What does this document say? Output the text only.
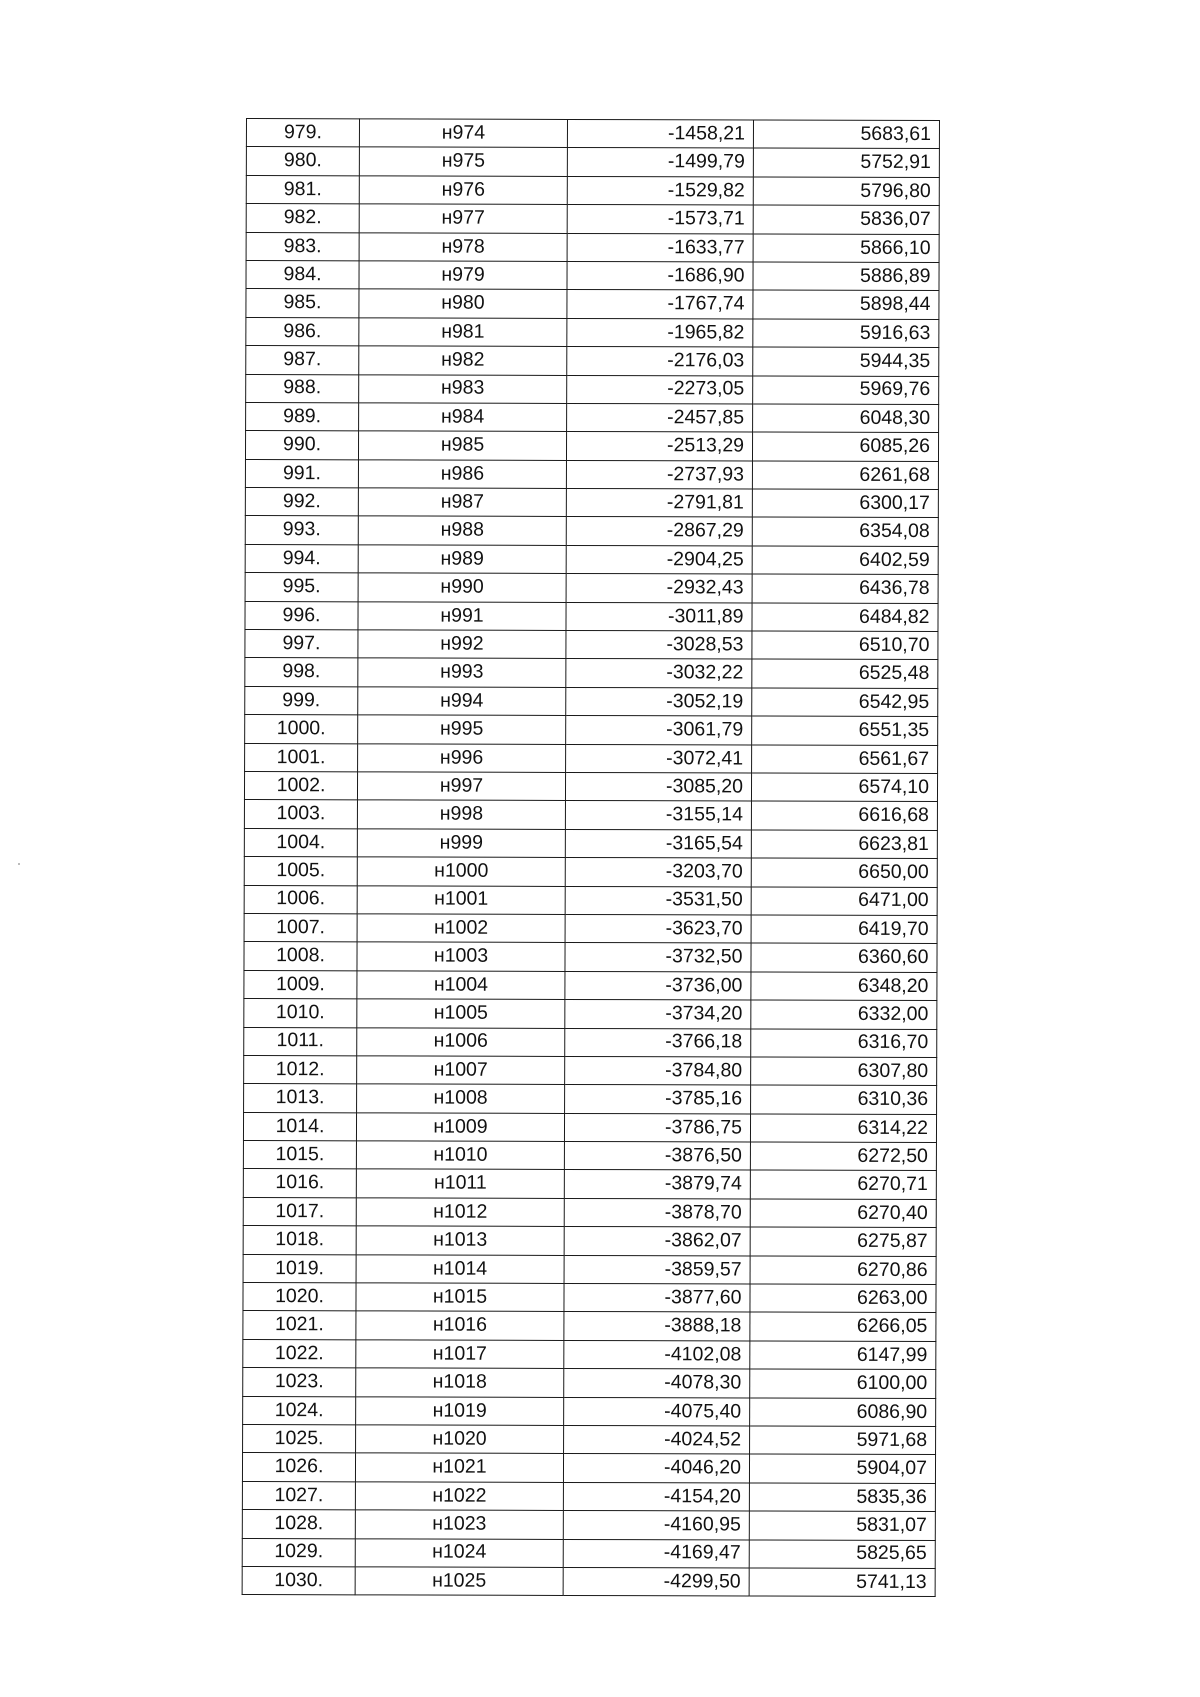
979.	н974	-1458,21	5683,61
980.	н975	-1499,79	5752,91
981.	н976	-1529,82	5796,80
982.	н977	-1573,71	5836,07
983.	н978	-1633,77	5866,10
984.	н979	-1686,90	5886,89
985.	н980	-1767,74	5898,44
986.	н981	-1965,82	5916,63
987.	н982	-2176,03	5944,35
988.	н983	-2273,05	5969,76
989.	н984	-2457,85	6048,30
990.	н985	-2513,29	6085,26
991.	н986	-2737,93	6261,68
992.	н987	-2791,81	6300,17
993.	н988	-2867,29	6354,08
994.	н989	-2904,25	6402,59
995.	н990	-2932,43	6436,78
996.	н991	-3011,89	6484,82
997.	н992	-3028,53	6510,70
998.	н993	-3032,22	6525,48
999.	н994	-3052,19	6542,95
1000.	н995	-3061,79	6551,35
1001.	н996	-3072,41	6561,67
1002.	н997	-3085,20	6574,10
1003.	н998	-3155,14	6616,68
1004.	н999	-3165,54	6623,81
1005.	н1000	-3203,70	6650,00
1006.	н1001	-3531,50	6471,00
1007.	н1002	-3623,70	6419,70
1008.	н1003	-3732,50	6360,60
1009.	н1004	-3736,00	6348,20
1010.	н1005	-3734,20	6332,00
1011.	н1006	-3766,18	6316,70
1012.	н1007	-3784,80	6307,80
1013.	н1008	-3785,16	6310,36
1014.	н1009	-3786,75	6314,22
1015.	н1010	-3876,50	6272,50
1016.	н1011	-3879,74	6270,71
1017.	н1012	-3878,70	6270,40
1018.	н1013	-3862,07	6275,87
1019.	н1014	-3859,57	6270,86
1020.	н1015	-3877,60	6263,00
1021.	н1016	-3888,18	6266,05
1022.	н1017	-4102,08	6147,99
1023.	н1018	-4078,30	6100,00
1024.	н1019	-4075,40	6086,90
1025.	н1020	-4024,52	5971,68
1026.	н1021	-4046,20	5904,07
1027.	н1022	-4154,20	5835,36
1028.	н1023	-4160,95	5831,07
1029.	н1024	-4169,47	5825,65
1030.	н1025	-4299,50	5741,13
